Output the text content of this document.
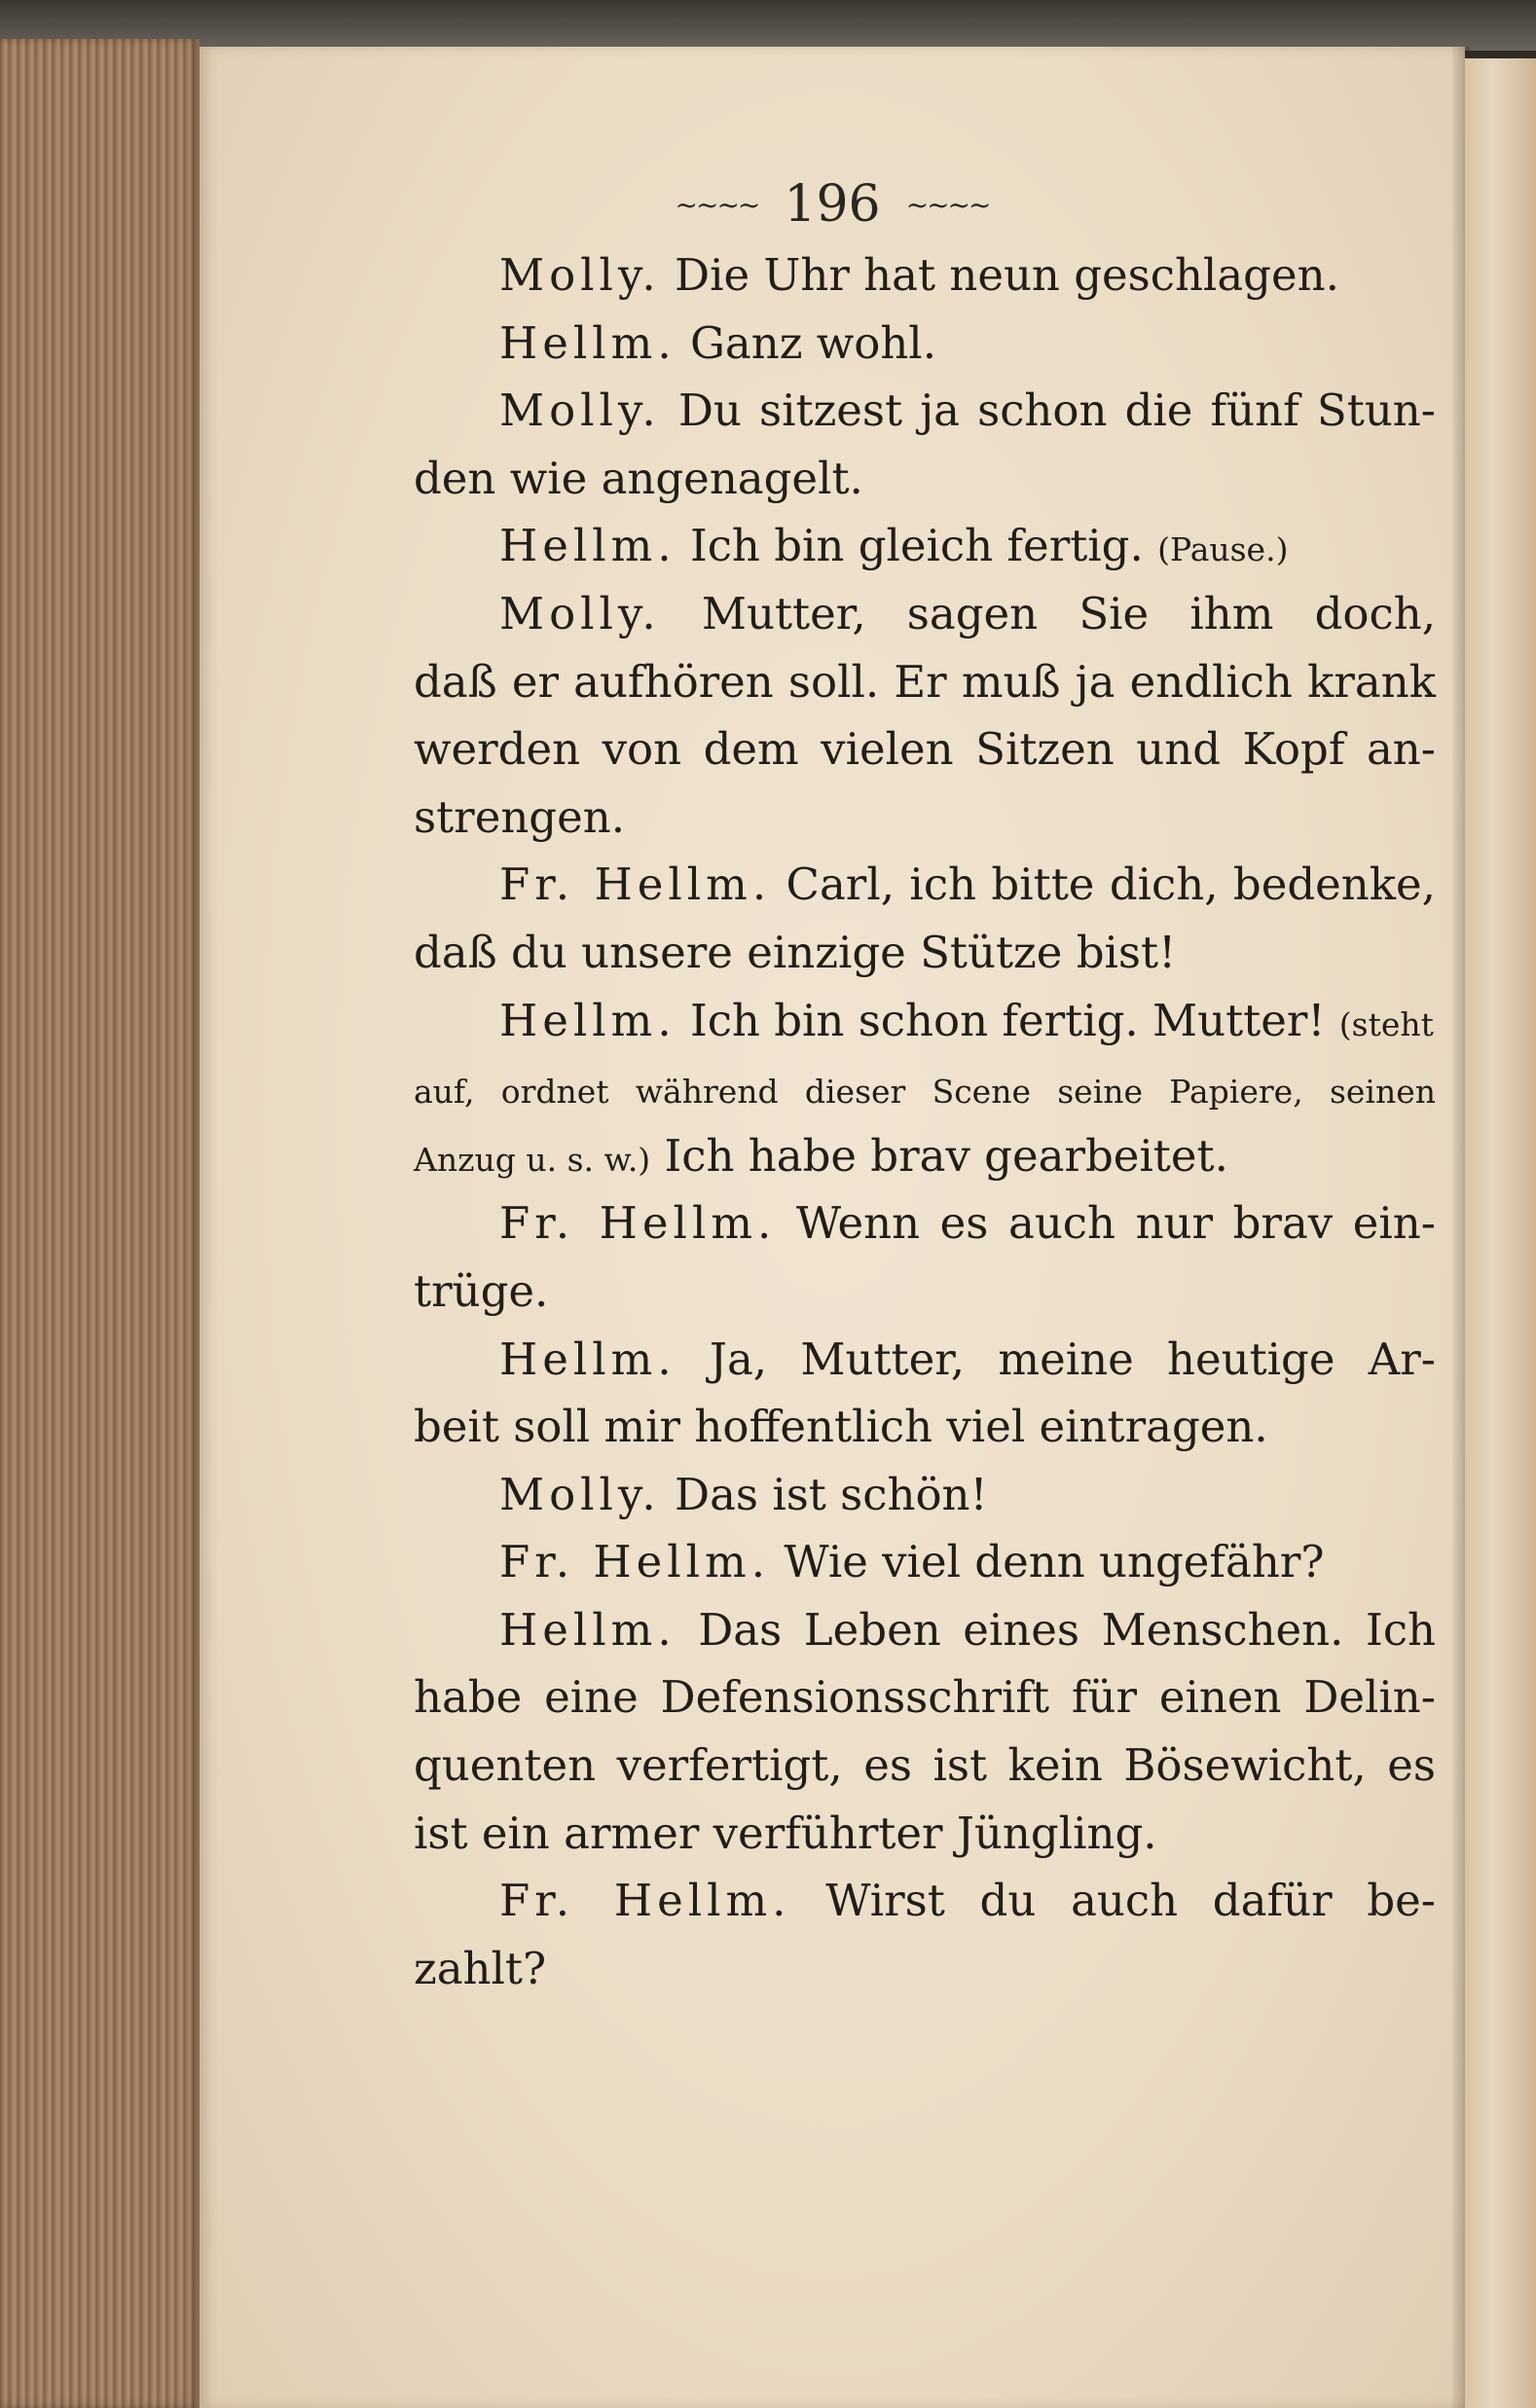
~~~~ 196 ~~~~
Molly. Die Uhr hat neun geschlagen.
Hellm. Ganz wohl.
Molly. Du sitzest ja schon die fünf Stun-
den wie angenagelt.
Hellm. Ich bin gleich fertig. (Pause.)
Molly. Mutter, sagen Sie ihm doch,
daß er aufhören soll. Er muß ja endlich krank
werden von dem vielen Sitzen und Kopf an-
strengen.
Fr. Hellm. Carl, ich bitte dich, bedenke,
daß du unsere einzige Stütze bist!
Hellm. Ich bin schon fertig. Mutter! (steht
auf, ordnet während dieser Scene seine Papiere, seinen
Anzug u. s. w.) Ich habe brav gearbeitet.
Fr. Hellm. Wenn es auch nur brav ein-
trüge.
Hellm. Ja, Mutter, meine heutige Ar-
beit soll mir hoffentlich viel eintragen.
Molly. Das ist schön!
Fr. Hellm. Wie viel denn ungefähr?
Hellm. Das Leben eines Menschen. Ich
habe eine Defensionsschrift für einen Delin-
quenten verfertigt, es ist kein Bösewicht, es
ist ein armer verführter Jüngling.
Fr. Hellm. Wirst du auch dafür be-
zahlt?
